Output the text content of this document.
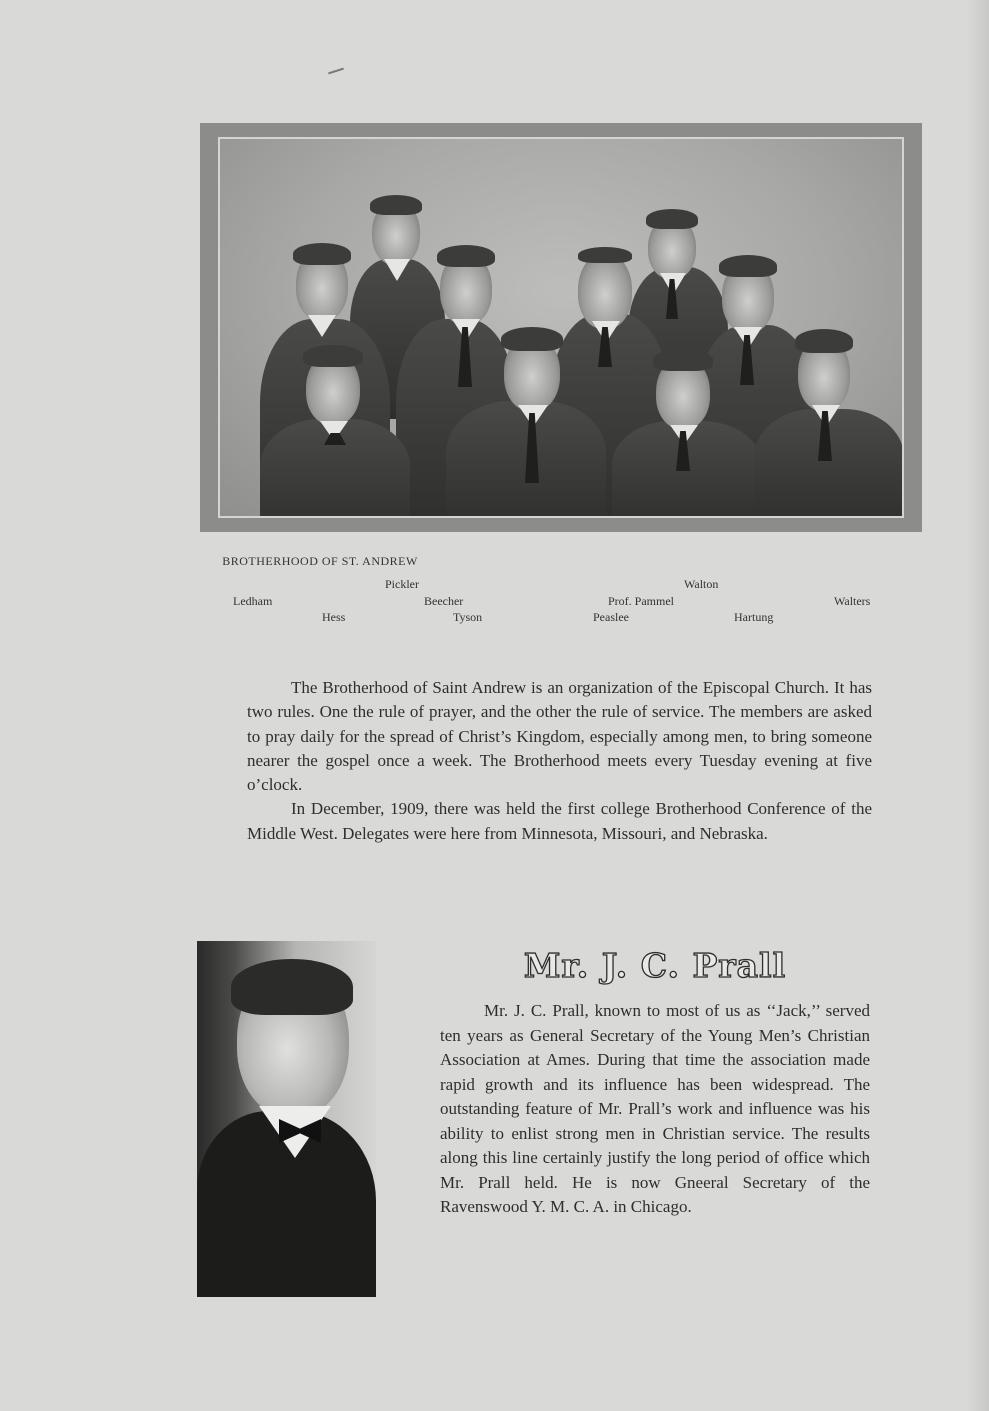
BROTHERHOOD OF ST. ANDREW
Pickler	Walton
Ledham	Beecher	Prof. Pammel	Walters
Hess	Tyson	Peaslee	Hartung

The Brotherhood of Saint Andrew is an organization of the Episcopal Church. It has two rules. One the rule of prayer, and the other the rule of service. The members are asked to pray daily for the spread of Christ’s Kingdom, especially among men, to bring someone nearer the gospel once a week. The Brotherhood meets every Tuesday evening at five o’clock.

In December, 1909, there was held the first college Brotherhood Conference of the Middle West. Delegates were here from Minnesota, Missouri, and Nebraska.

Mr. J. C. Prall

Mr. J. C. Prall, known to most of us as ‘‘Jack,’’ served ten years as General Secretary of the Young Men’s Christian Association at Ames. During that time the association made rapid growth and its influence has been widespread. The outstanding feature of Mr. Prall’s work and influence was his ability to enlist strong men in Christian service. The results along this line certainly justify the long period of office which Mr. Prall held. He is now Gneeral Secretary of the Ravenswood Y. M. C. A. in Chicago.
